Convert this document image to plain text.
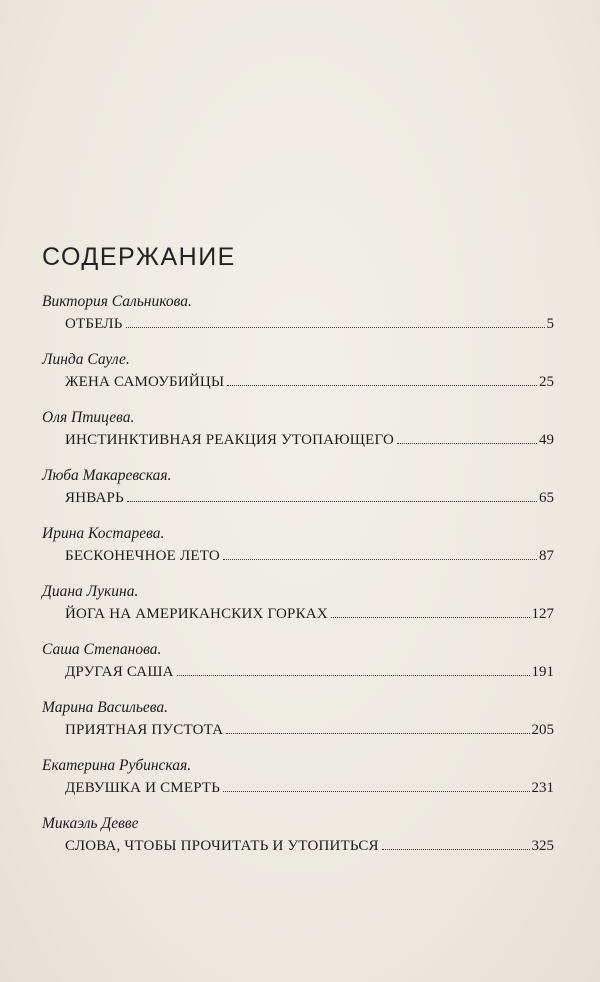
СОДЕРЖАНИЕ
Виктория Сальникова.
ОТБЕЛЬ	5
Линда Сауле.
ЖЕНА САМОУБИЙЦЫ	25
Оля Птицева.
ИНСТИНКТИВНАЯ РЕАКЦИЯ УТОПАЮЩЕГО	49
Люба Макаревская.
ЯНВАРЬ	65
Ирина Костарева.
БЕСКОНЕЧНОЕ ЛЕТО	87
Диана Лукина.
ЙОГА НА АМЕРИКАНСКИХ ГОРКАХ	127
Саша Степанова.
ДРУГАЯ САША	191
Марина Васильева.
ПРИЯТНАЯ ПУСТОТА	205
Екатерина Рубинская.
ДЕВУШКА И СМЕРТЬ	231
Микаэль Девве
СЛОВА, ЧТОБЫ ПРОЧИТАТЬ И УТОПИТЬСЯ	325
